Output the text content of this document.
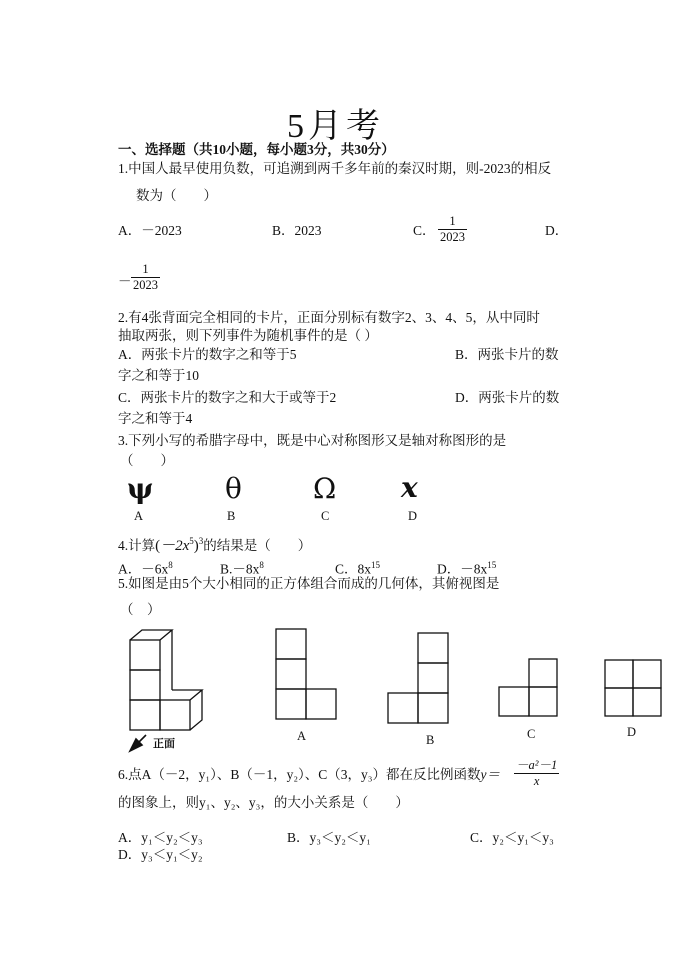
5月考
一、选择题（共10小题，每小题3分，共30分）
1.中国人最早使用负数，可追溯到两千多年前的秦汉时期，则-2023的相反
数为（　　）
A．－2023	B．2023	C．
1
2023	D．
－
1
2023
2.有4张背面完全相同的卡片，正面分别标有数字2、3、4、5，从中同时
抽取两张，则下列事件为随机事件的是（ ）
A．两张卡片的数字之和等于5	B．两张卡片的数
字之和等于10
C．两张卡片的数字之和大于或等于2	D．两张卡片的数
字之和等于4
3.下列小写的希腊字母中，既是中心对称图形又是轴对称图形的是
（　　）
ψ	θ	Ω x
A	B	C	D
4.计算$(-2x^5)^3$的结果是（　　）
A．$-6x^8$	$B.-8x^8$	C．$8x^{15}$	D．$-8x^{15}$
5.如图是由5个大小相同的正方体组合而成的几何体，其俯视图是
（　）
正面
A	B	C	D
6.点A（－2，y₁）、B（－1，y₂）、C（3，y₃）都在反比例函数y＝
－a²－1
x
的图象上，则y₁、y₂、y₃，的大小关系是（　　）
A．y₁＜y₂＜y₃	B．y₃＜y₂＜y₁	C．y₂＜y₁＜y₃
D．y₃＜y₁＜y₂
